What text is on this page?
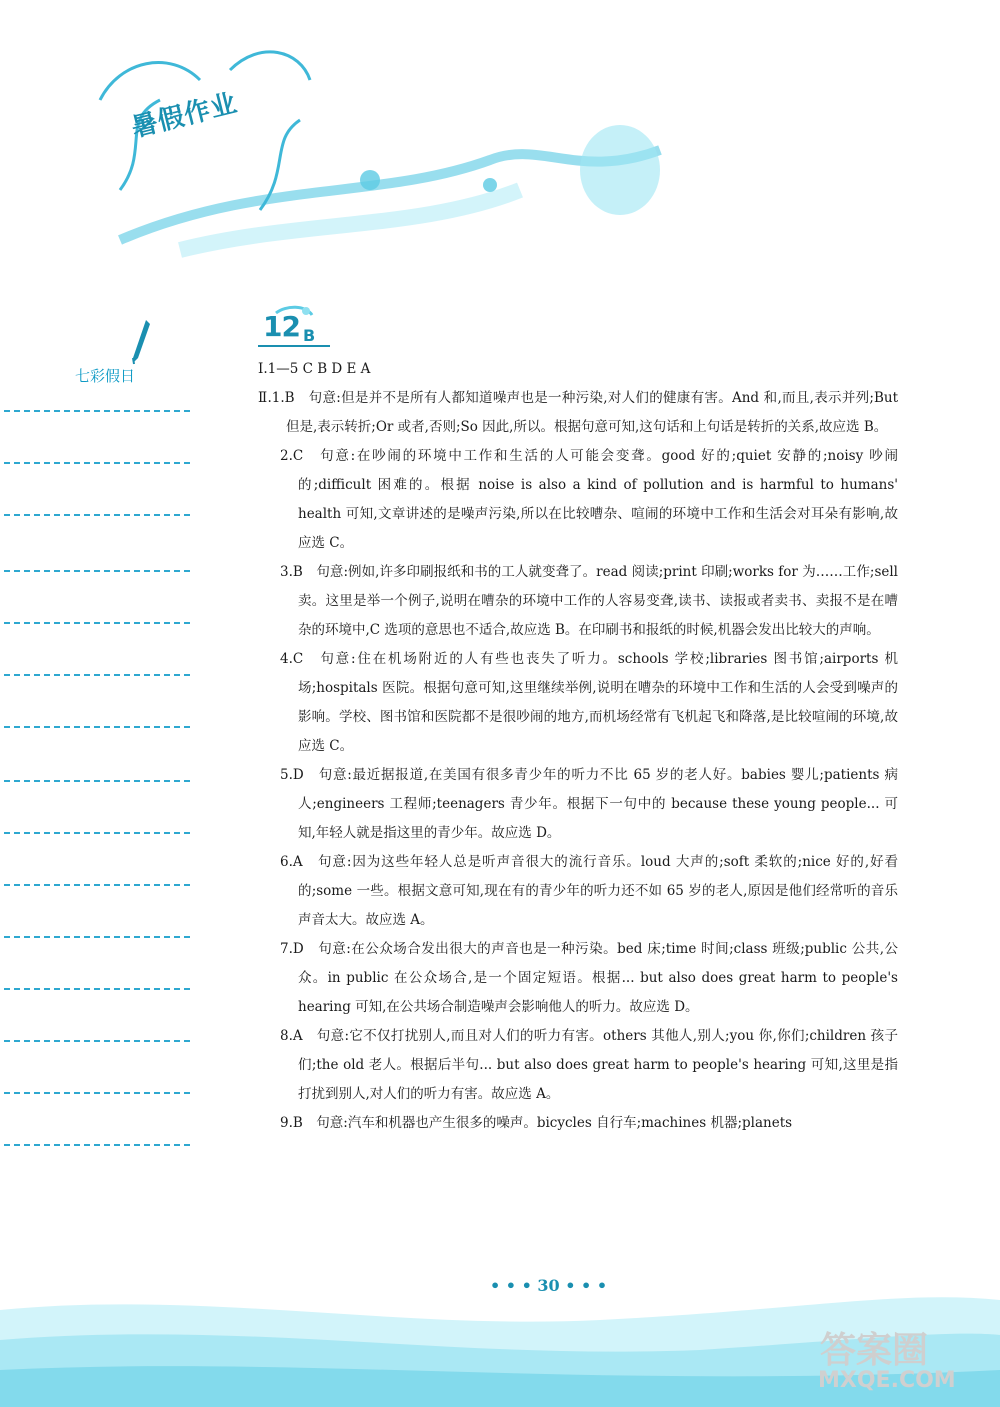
暑假作业
七彩假日
12 B

Ⅰ.1—5 C B D E A

Ⅱ.1.B　句意:但是并不是所有人都知道噪声也是一种污染,对人们的健康有害。And 和,而且,表示并列;But 但是,表示转折;Or 或者,否则;So 因此,所以。根据句意可知,这句话和上句话是转折的关系,故应选 B。

2.C　句意:在吵闹的环境中工作和生活的人可能会变聋。good 好的;quiet 安静的;noisy 吵闹的;difficult 困难的。根据 noise is also a kind of pollution and is harmful to humans' health 可知,文章讲述的是噪声污染,所以在比较嘈杂、喧闹的环境中工作和生活会对耳朵有影响,故应选 C。

3.B　句意:例如,许多印刷报纸和书的工人就变聋了。read 阅读;print 印刷;works for 为……工作;sell 卖。这里是举一个例子,说明在嘈杂的环境中工作的人容易变聋,读书、读报或者卖书、卖报不是在嘈杂的环境中,C 选项的意思也不适合,故应选 B。在印刷书和报纸的时候,机器会发出比较大的声响。

4.C　句意:住在机场附近的人有些也丧失了听力。schools 学校;libraries 图书馆;airports 机场;hospitals 医院。根据句意可知,这里继续举例,说明在嘈杂的环境中工作和生活的人会受到噪声的影响。学校、图书馆和医院都不是很吵闹的地方,而机场经常有飞机起飞和降落,是比较喧闹的环境,故应选 C。

5.D　句意:最近据报道,在美国有很多青少年的听力不比 65 岁的老人好。babies 婴儿;patients 病人;engineers 工程师;teenagers 青少年。根据下一句中的 because these young people... 可知,年轻人就是指这里的青少年。故应选 D。

6.A　句意:因为这些年轻人总是听声音很大的流行音乐。loud 大声的;soft 柔软的;nice 好的,好看的;some 一些。根据文意可知,现在有的青少年的听力还不如 65 岁的老人,原因是他们经常听的音乐声音太大。故应选 A。

7.D　句意:在公众场合发出很大的声音也是一种污染。bed 床;time 时间;class 班级;public 公共,公众。in public 在公众场合,是一个固定短语。根据... but also does great harm to people's hearing 可知,在公共场合制造噪声会影响他人的听力。故应选 D。

8.A　句意:它不仅打扰别人,而且对人们的听力有害。others 其他人,别人;you 你,你们;children 孩子们;the old 老人。根据后半句... but also does great harm to people's hearing 可知,这里是指打扰到别人,对人们的听力有害。故应选 A。

9.B　句意:汽车和机器也产生很多的噪声。bicycles 自行车;machines 机器;planets

• • • 30 • • •
答案圈
MXQE.COM
